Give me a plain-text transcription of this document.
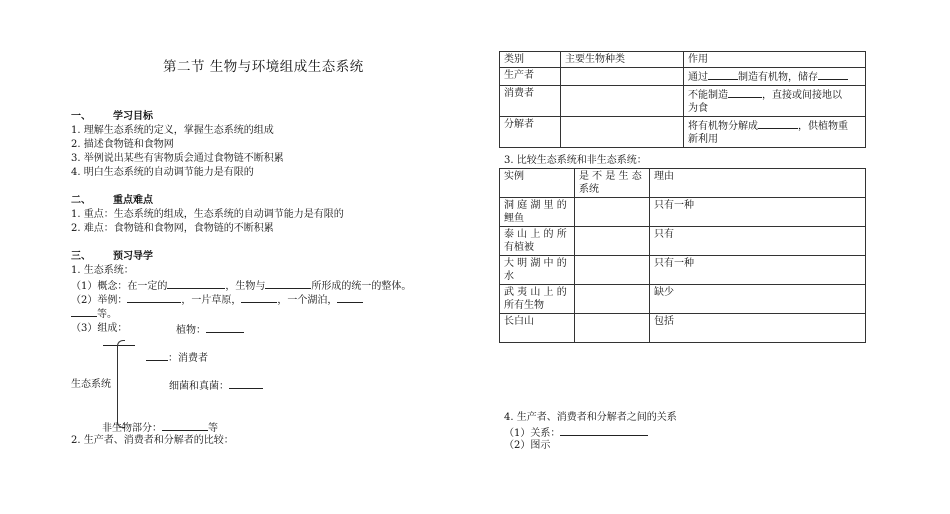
第二节 生物与环境组成生态系统
一、 学习目标
1. 理解生态系统的定义，掌握生态系统的组成
2. 描述食物链和食物网
3. 举例说出某些有害物质会通过食物链不断积累
4. 明白生态系统的自动调节能力是有限的
二、 重点难点
1. 重点：生态系统的组成，生态系统的自动调节能力是有限的
2. 难点：食物链和食物网，食物链的不断积累
三、 预习导学
1. 生态系统：
（1）概念：在一定的	，生物与	所形成的统一的整体。
（2）举例：	，一片草原，	，一个湖泊，
等。
（3）组成：	植物：
：消费者
生态系统	细菌和真菌：
非生物部分：	等
2. 生产者、消费者和分解者的比较：
类别	主要生物种类	作用
生产者		通过 制造有机物，储存
消费者		不能制造 ，直接或间接地以
为食
分解者		将有机物分解成 ，供植物重
新利用
3. 比较生态系统和非生态系统：
实例	是 不 是 生 态
系统	理由
洞 庭 湖 里 的
鲤鱼		只有一种
泰 山 上 的 所
有植被		只有
大 明 湖 中 的
水		只有一种
武 夷 山 上 的
所有生物		缺少
长白山		包括
4. 生产者、消费者和分解者之间的关系
（1）关系：
（2）图示
